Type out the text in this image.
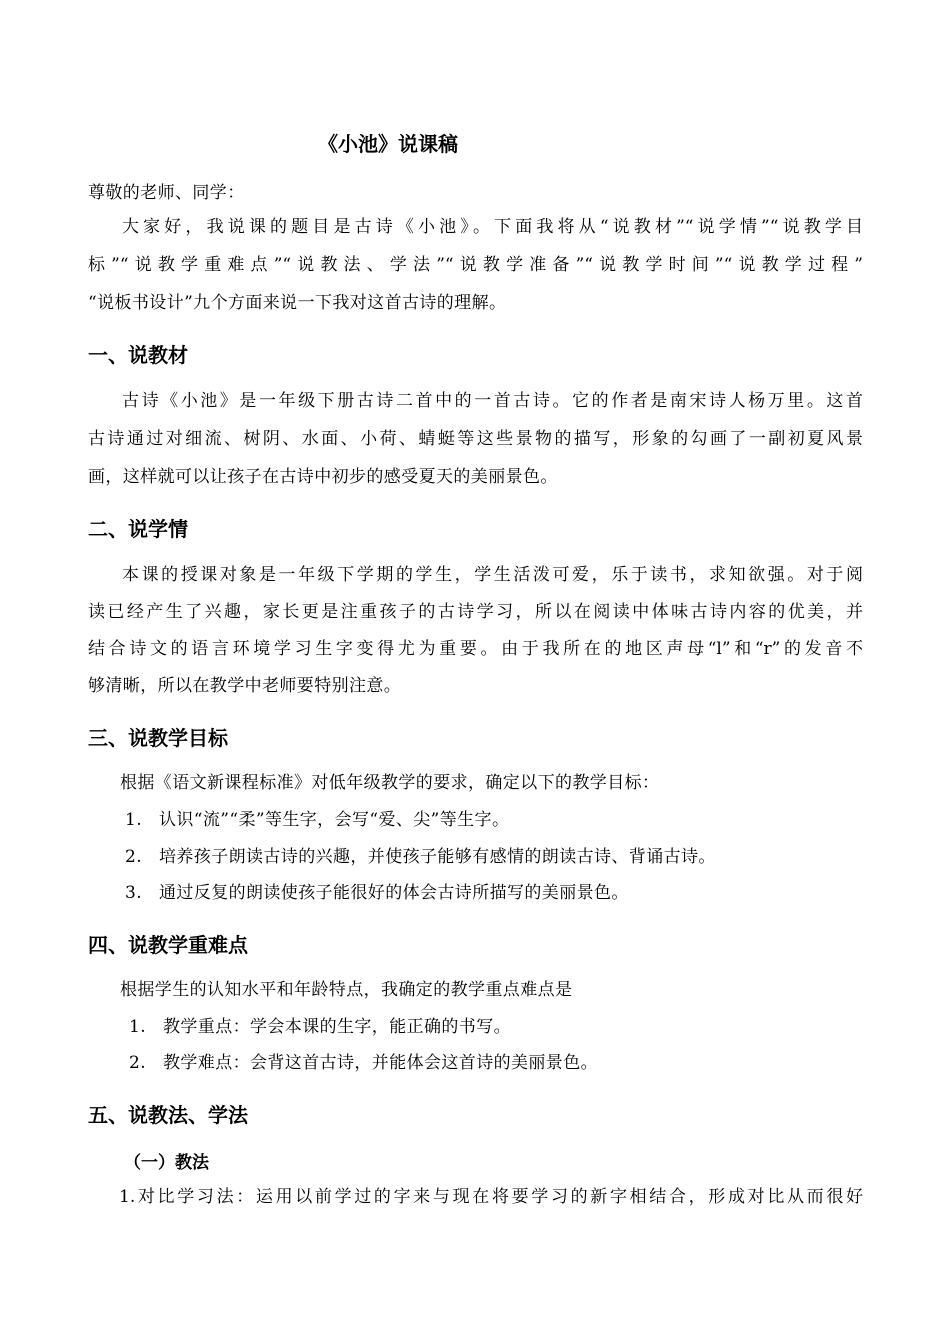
《小池》说课稿
尊敬的老师、同学：
大家好，我说课的题目是古诗《小池》。下面我将从“说教材”“说学情”“说教学目
标”“说教学重难点”“说教法、学法”“说教学准备”“说教学时间”“说教学过程”
“说板书设计”九个方面来说一下我对这首古诗的理解。
一、说教材
古诗《小池》是一年级下册古诗二首中的一首古诗。它的作者是南宋诗人杨万里。这首
古诗通过对细流、树阴、水面、小荷、蜻蜓等这些景物的描写，形象的勾画了一副初夏风景
画，这样就可以让孩子在古诗中初步的感受夏天的美丽景色。
二、说学情
本课的授课对象是一年级下学期的学生，学生活泼可爱，乐于读书，求知欲强。对于阅
读已经产生了兴趣，家长更是注重孩子的古诗学习，所以在阅读中体味古诗内容的优美，并
结合诗文的语言环境学习生字变得尤为重要。由于我所在的地区声母“l”和“r”的发音不
够清晰，所以在教学中老师要特别注意。
三、说教学目标
根据《语文新课程标准》对低年级教学的要求，确定以下的教学目标：
1. 认识“流”“柔”等生字，会写“爱、尖”等生字。
2. 培养孩子朗读古诗的兴趣，并使孩子能够有感情的朗读古诗、背诵古诗。
3. 通过反复的朗读使孩子能很好的体会古诗所描写的美丽景色。
四、说教学重难点
根据学生的认知水平和年龄特点，我确定的教学重点难点是
1. 教学重点：学会本课的生字，能正确的书写。
2. 教学难点：会背这首古诗，并能体会这首诗的美丽景色。
五、说教法、学法
（一）教法
1.对比学习法：运用以前学过的字来与现在将要学习的新字相结合，形成对比从而很好
